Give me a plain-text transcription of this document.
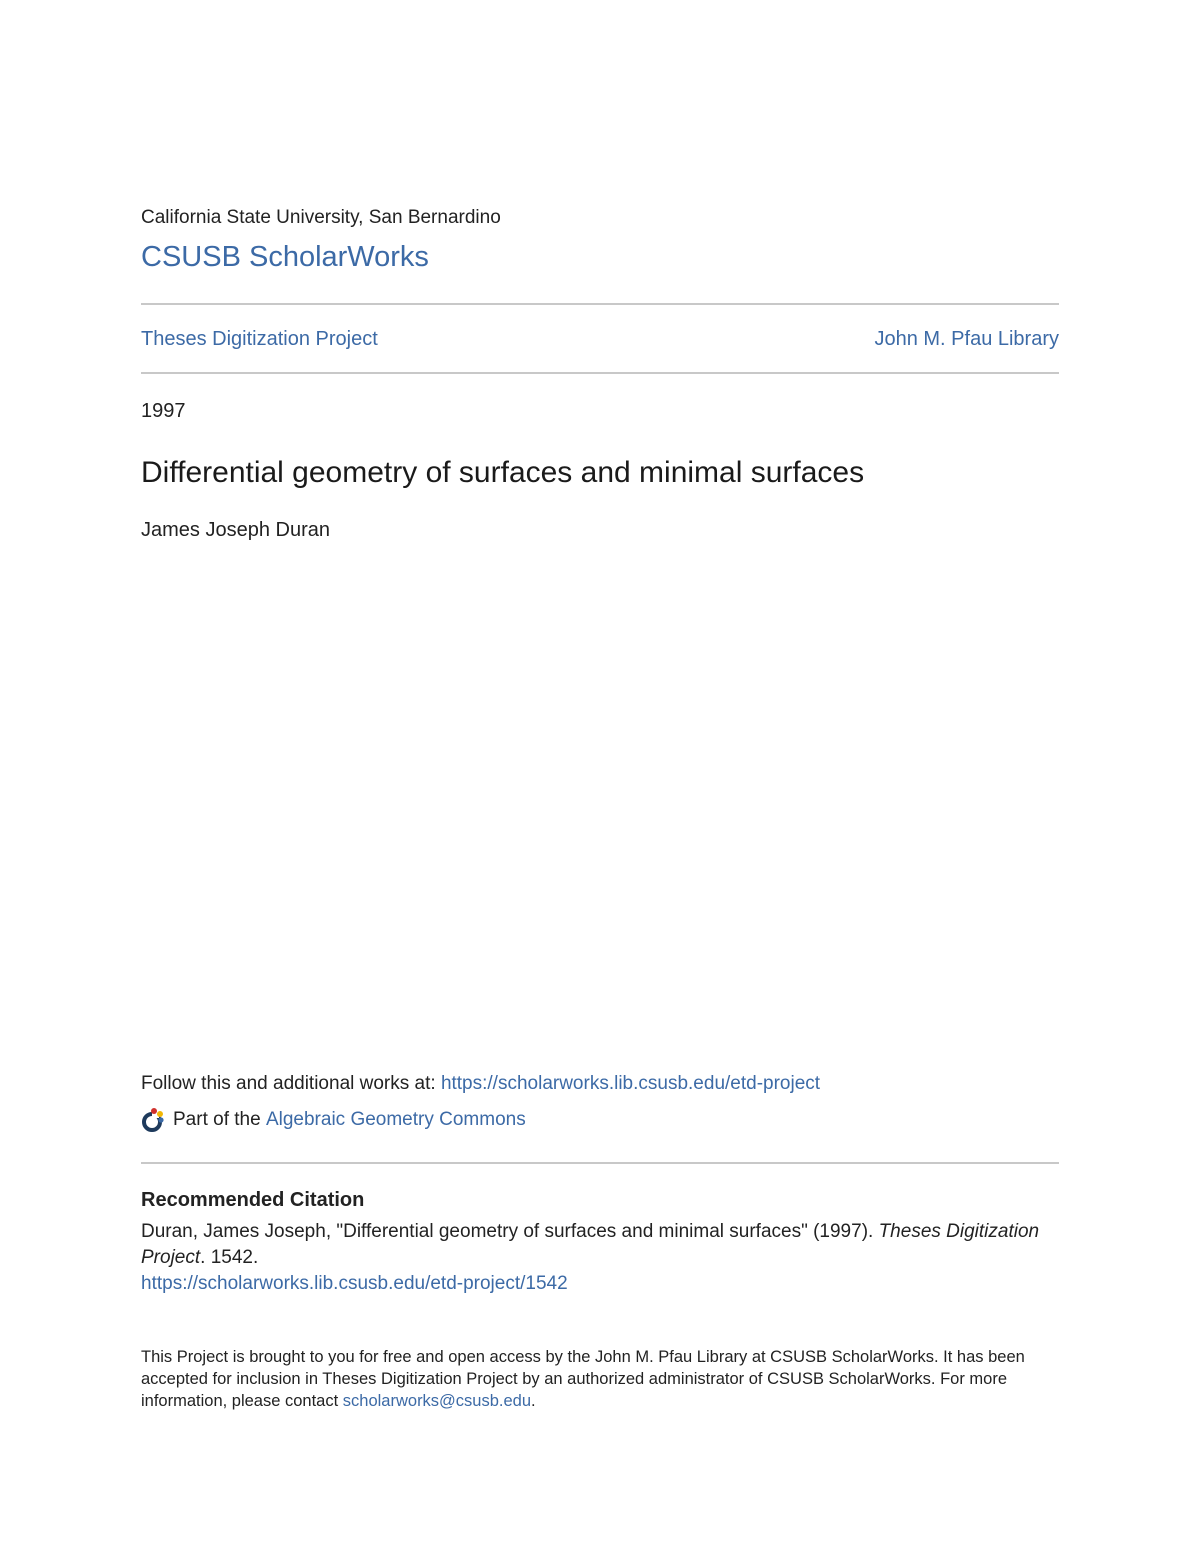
California State University, San Bernardino
CSUSB ScholarWorks
Theses Digitization Project	John M. Pfau Library
1997
Differential geometry of surfaces and minimal surfaces
James Joseph Duran
Follow this and additional works at: https://scholarworks.lib.csusb.edu/etd-project
Part of the
Algebraic Geometry Commons
Recommended Citation
Duran, James Joseph, "Differential geometry of surfaces and minimal surfaces" (1997). Theses Digitization Project. 1542.
https://scholarworks.lib.csusb.edu/etd-project/1542
This Project is brought to you for free and open access by the John M. Pfau Library at CSUSB ScholarWorks. It has been accepted for inclusion in Theses Digitization Project by an authorized administrator of CSUSB ScholarWorks. For more information, please contact scholarworks@csusb.edu.
